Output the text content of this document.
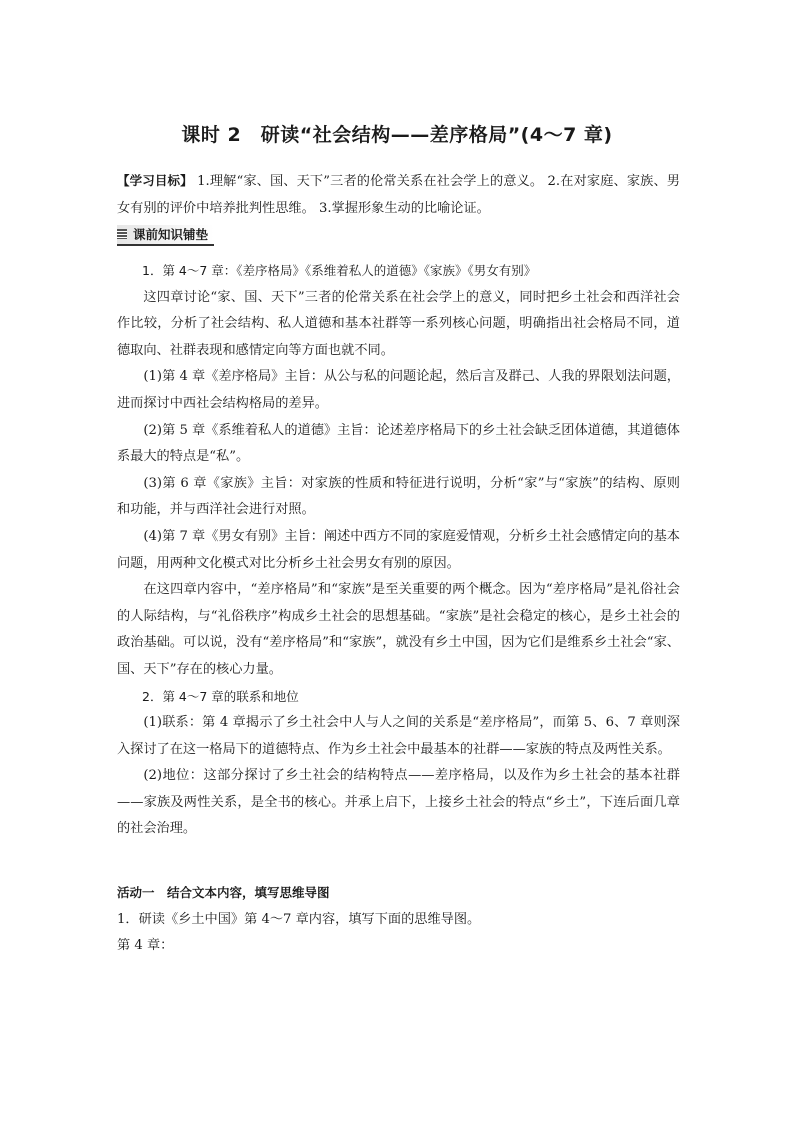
课时 2　研读“社会结构——差序格局”(4～7 章)
【学习目标】 1.理解“家、国、天下”三者的伦常关系在社会学上的意义。 2.在对家庭、家族、男女有别的评价中培养批判性思维。 3.掌握形象生动的比喻论证。
课前知识铺垫

1．第 4～7 章：《差序格局》《系维着私人的道德》《家族》《男女有别》

这四章讨论“家、国、天下”三者的伦常关系在社会学上的意义，同时把乡土社会和西洋社会作比较，分析了社会结构、私人道德和基本社群等一系列核心问题，明确指出社会格局不同，道德取向、社群表现和感情定向等方面也就不同。

(1)第 4 章《差序格局》主旨：从公与私的问题论起，然后言及群己、人我的界限划法问题，进而探讨中西社会结构格局的差异。

(2)第 5 章《系维着私人的道德》主旨：论述差序格局下的乡土社会缺乏团体道德，其道德体系最大的特点是“私”。

(3)第 6 章《家族》主旨：对家族的性质和特征进行说明，分析“家”与“家族”的结构、原则和功能，并与西洋社会进行对照。

(4)第 7 章《男女有别》主旨：阐述中西方不同的家庭爱情观，分析乡土社会感情定向的基本问题，用两种文化模式对比分析乡土社会男女有别的原因。

在这四章内容中，“差序格局”和“家族”是至关重要的两个概念。因为“差序格局”是礼俗社会的人际结构，与“礼俗秩序”构成乡土社会的思想基础。“家族”是社会稳定的核心，是乡土社会的政治基础。可以说，没有“差序格局”和“家族”，就没有乡土中国，因为它们是维系乡土社会“家、国、天下”存在的核心力量。

2．第 4～7 章的联系和地位

(1)联系：第 4 章揭示了乡土社会中人与人之间的关系是“差序格局”，而第 5、6、7 章则深入探讨了在这一格局下的道德特点、作为乡土社会中最基本的社群——家族的特点及两性关系。

(2)地位：这部分探讨了乡土社会的结构特点——差序格局，以及作为乡土社会的基本社群——家族及两性关系，是全书的核心。并承上启下，上接乡土社会的特点“乡土”，下连后面几章的社会治理。

活动一　结合文本内容，填写思维导图

1．研读《乡土中国》第 4～7 章内容，填写下面的思维导图。

第 4 章：
